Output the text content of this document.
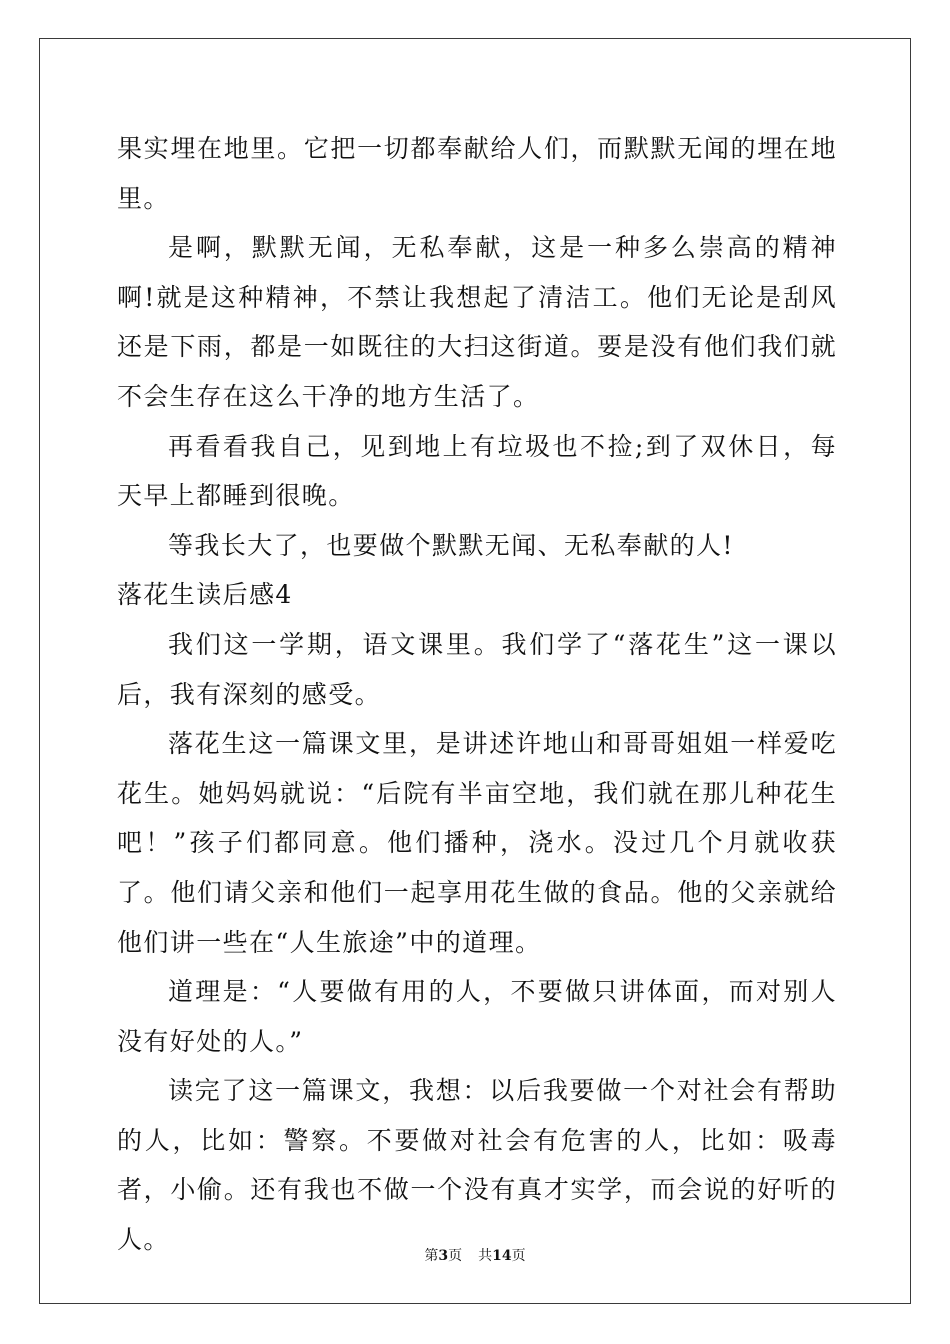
果实埋在地里。它把一切都奉献给人们，而默默无闻的埋在地里。

是啊，默默无闻，无私奉献，这是一种多么崇高的精神啊!就是这种精神，不禁让我想起了清洁工。他们无论是刮风还是下雨，都是一如既往的大扫这街道。要是没有他们我们就不会生存在这么干净的地方生活了。

再看看我自己，见到地上有垃圾也不捡;到了双休日，每天早上都睡到很晚。

等我长大了，也要做个默默无闻、无私奉献的人!

落花生读后感4

我们这一学期，语文课里。我们学了“落花生”这一课以后，我有深刻的感受。

落花生这一篇课文里，是讲述许地山和哥哥姐姐一样爱吃花生。她妈妈就说：“后院有半亩空地，我们就在那儿种花生吧！”孩子们都同意。他们播种，浇水。没过几个月就收获了。他们请父亲和他们一起享用花生做的食品。他的父亲就给他们讲一些在“人生旅途”中的道理。

道理是：“人要做有用的人，不要做只讲体面，而对别人没有好处的人。”

读完了这一篇课文，我想：以后我要做一个对社会有帮助的人，比如：警察。不要做对社会有危害的人，比如：吸毒者，小偷。还有我也不做一个没有真才实学，而会说的好听的人。

第3页 共14页
